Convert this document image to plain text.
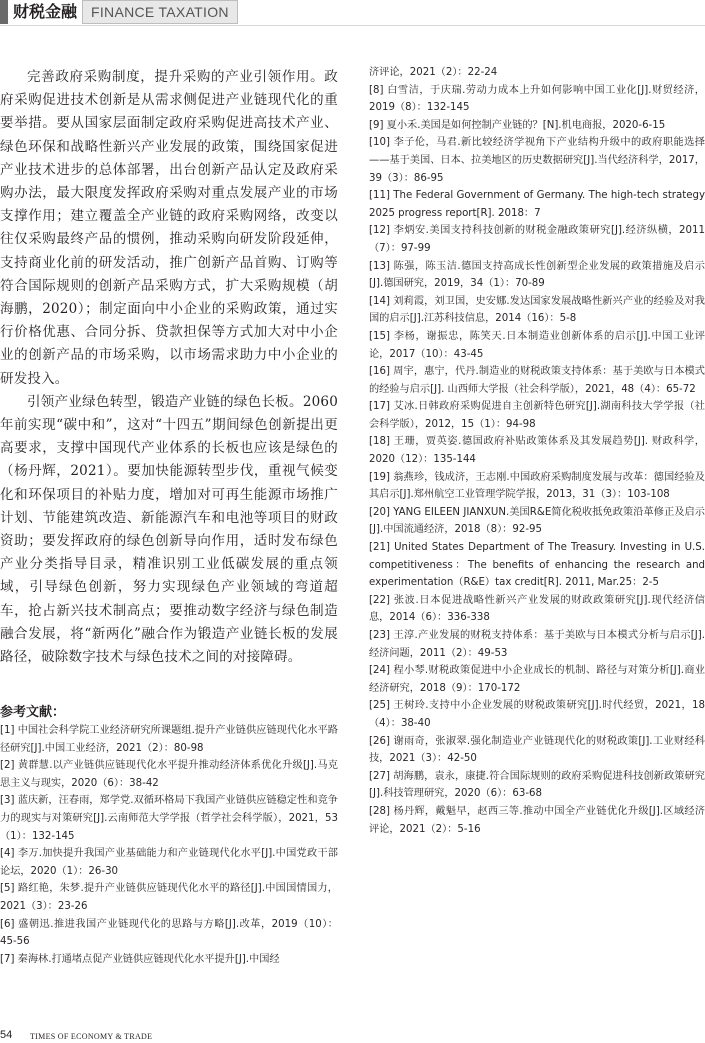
财税金融 FINANCE TAXATION

完善政府采购制度，提升采购的产业引领作用。政府采购促进技术创新是从需求侧促进产业链现代化的重要举措。要从国家层面制定政府采购促进高技术产业、绿色环保和战略性新兴产业发展的政策，围绕国家促进产业技术进步的总体部署，出台创新产品认定及政府采购办法，最大限度发挥政府采购对重点发展产业的市场支撑作用；建立覆盖全产业链的政府采购网络，改变以往仅采购最终产品的惯例，推动采购向研发阶段延伸，支持商业化前的研发活动，推广创新产品首购、订购等符合国际规则的创新产品采购方式，扩大采购规模（胡海鹏，2020）；制定面向中小企业的采购政策，通过实行价格优惠、合同分拆、贷款担保等方式加大对中小企业的创新产品的市场采购，以市场需求助力中小企业的研发投入。

引领产业绿色转型，锻造产业链的绿色长板。2060年前实现“碳中和”，这对“十四五”期间绿色创新提出更高要求，支撑中国现代产业体系的长板也应该是绿色的（杨丹辉，2021）。要加快能源转型步伐，重视气候变化和环保项目的补贴力度，增加对可再生能源市场推广计划、节能建筑改造、新能源汽车和电池等项目的财政资助；要发挥政府的绿色创新导向作用，适时发布绿色产业分类指导目录，精准识别工业低碳发展的重点领域，引导绿色创新，努力实现绿色产业领域的弯道超车，抢占新兴技术制高点；要推动数字经济与绿色制造融合发展，将“新两化”融合作为锻造产业链长板的发展路径，破除数字技术与绿色技术之间的对接障碍。

参考文献：

[1] 中国社会科学院工业经济研究所课题组.提升产业链供应链现代化水平路径研究[J].中国工业经济，2021（2）：80-98

[2] 黄群慧.以产业链供应链现代化水平提升推动经济体系优化升级[J].马克思主义与现实，2020（6）：38-42

[3] 蓝庆新，汪春雨，郑学党.双循环格局下我国产业链供应链稳定性和竞争力的现实与对策研究[J].云南师范大学学报（哲学社会科学版），2021，53（1）：132-145

[4] 李万.加快提升我国产业基础能力和产业链现代化水平[J].中国党政干部论坛，2020（1）：26-30

[5] 路红艳，朱梦.提升产业链供应链现代化水平的路径[J].中国国情国力，2021（3）：23-26

[6] 盛朝迅.推进我国产业链现代化的思路与方略[J].改革，2019（10）：45-56

[7] 秦海林.打通堵点促产业链供应链现代化水平提升[J].中国经

济评论，2021（2）：22-24

[8] 白雪洁，于庆瑞.劳动力成本上升如何影响中国工业化[J].财贸经济，2019（8）：132-145

[9] 夏小禾.美国是如何控制产业链的？[N].机电商报，2020-6-15

[10] 李子伦，马君.新比较经济学视角下产业结构升级中的政府职能选择——基于美国、日本、拉美地区的历史数据研究[J].当代经济科学，2017，39（3）：86-95

[11] The Federal Government of Germany. The high-tech strategy 2025 progress report[R]. 2018：7

[12] 李炳安.美国支持科技创新的财税金融政策研究[J].经济纵横，2011（7）：97-99

[13] 陈强，陈玉洁.德国支持高成长性创新型企业发展的政策措施及启示[J].德国研究，2019，34（1）：70-89

[14] 刘莉霞，刘卫国，史安娜.发达国家发展战略性新兴产业的经验及对我国的启示[J].江苏科技信息，2014（16）：5-8

[15] 李杨，谢振忠，陈笑天.日本制造业创新体系的启示[J].中国工业评论，2017（10）：43-45

[16] 周宇，惠宁，代丹.制造业的财税政策支持体系：基于美欧与日本模式的经验与启示[J]. 山西师大学报（社会科学版），2021，48（4）：65-72

[17] 艾冰.日韩政府采购促进自主创新特色研究[J].湖南科技大学学报（社会科学版），2012，15（1）：94-98

[18] 王珊，贾英姿.德国政府补贴政策体系及其发展趋势[J]. 财政科学，2020（12）：135-144

[19] 翁燕珍，钱成济，王志刚.中国政府采购制度发展与改革：德国经验及其启示[J].郑州航空工业管理学院学报，2013，31（3）：103-108

[20] YANG EILEEN JIANXUN.美国R&E简化税收抵免政策沿革修正及启示[J].中国流通经济，2018（8）：92-95

[21] United States Department of The Treasury. Investing in U.S. competitiveness：The benefits of enhancing the research and experimentation（R&E）tax credit[R]. 2011, Mar.25：2-5

[22] 张波.日本促进战略性新兴产业发展的财政政策研究[J].现代经济信息，2014（6）：336-338

[23] 王淳.产业发展的财税支持体系：基于美欧与日本模式分析与启示[J].经济问题，2011（2）：49-53

[24] 程小琴.财税政策促进中小企业成长的机制、路径与对策分析[J].商业经济研究，2018（9）：170-172

[25] 王树玲.支持中小企业发展的财税政策研究[J].时代经贸，2021，18（4）：38-40

[26] 谢雨奇，张淑翠.强化制造业产业链现代化的财税政策[J].工业财经科技，2021（3）：42-50

[27] 胡海鹏，袁永，康捷.符合国际规则的政府采购促进科技创新政策研究[J].科技管理研究，2020（6）：63-68

[28] 杨丹辉，戴魁早，赵西三等.推动中国全产业链优化升级[J].区域经济评论，2021（2）：5-16

54 TIMES OF ECONOMY & TRADE
